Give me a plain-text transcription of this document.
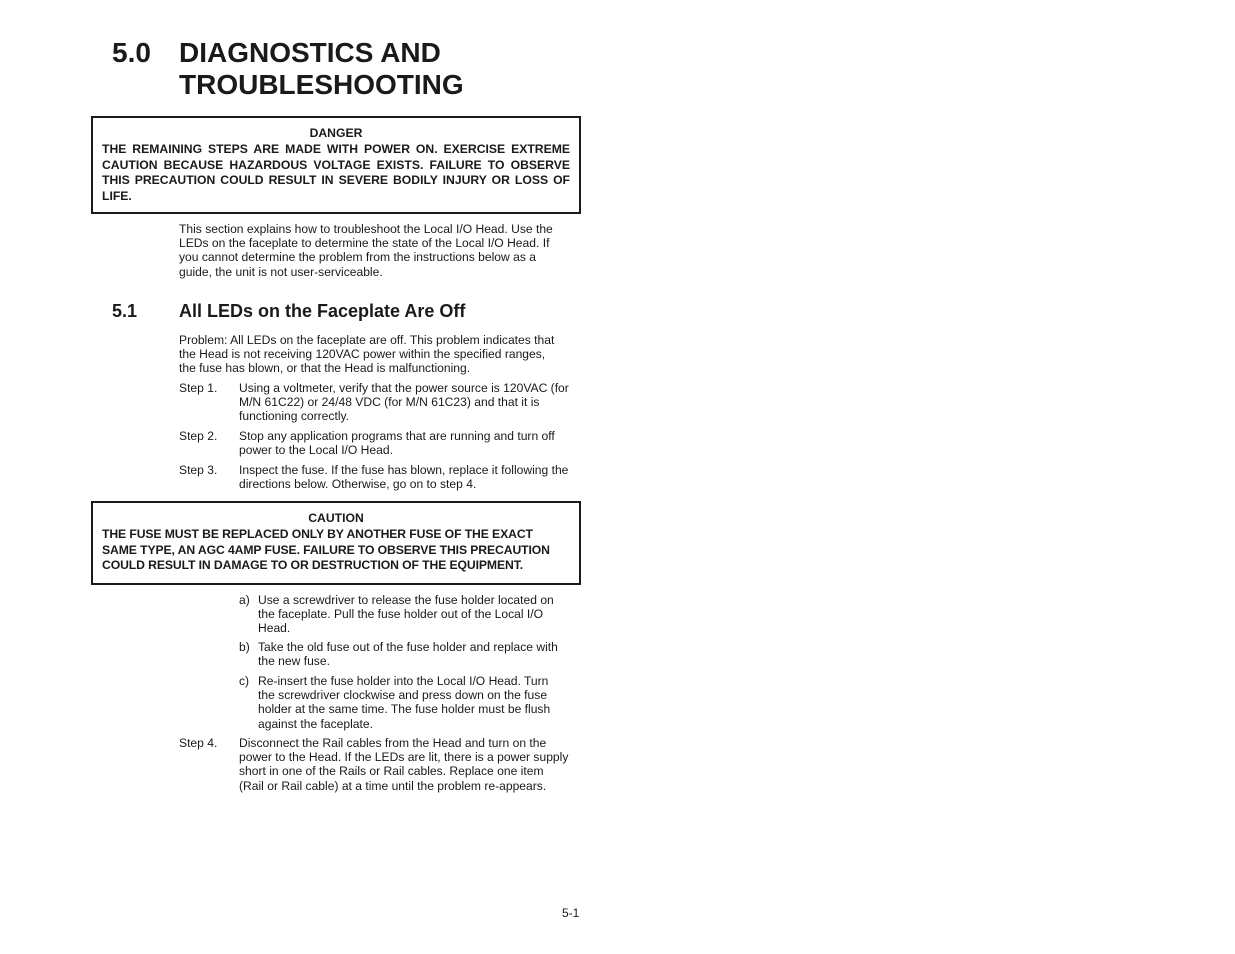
5.0 DIAGNOSTICS AND TROUBLESHOOTING
DANGER
THE REMAINING STEPS ARE MADE WITH POWER ON. EXERCISE EXTREME CAUTION BECAUSE HAZARDOUS VOLTAGE EXISTS. FAILURE TO OBSERVE THIS PRECAUTION COULD RESULT IN SEVERE BODILY INJURY OR LOSS OF LIFE.
This section explains how to troubleshoot the Local I/O Head. Use the LEDs on the faceplate to determine the state of the Local I/O Head. If you cannot determine the problem from the instructions below as a guide, the unit is not user-serviceable.
5.1 All LEDs on the Faceplate Are Off
Problem: All LEDs on the faceplate are off. This problem indicates that the Head is not receiving 120VAC power within the specified ranges, the fuse has blown, or that the Head is malfunctioning.
Step 1.	Using a voltmeter, verify that the power source is 120VAC (for M/N 61C22) or 24/48 VDC (for M/N 61C23) and that it is functioning correctly.
Step 2.	Stop any application programs that are running and turn off power to the Local I/O Head.
Step 3.	Inspect the fuse. If the fuse has blown, replace it following the directions below. Otherwise, go on to step 4.
CAUTION
THE FUSE MUST BE REPLACED ONLY BY ANOTHER FUSE OF THE EXACT SAME TYPE, AN AGC 4AMP FUSE. FAILURE TO OBSERVE THIS PRECAUTION COULD RESULT IN DAMAGE TO OR DESTRUCTION OF THE EQUIPMENT.
a) Use a screwdriver to release the fuse holder located on the faceplate. Pull the fuse holder out of the Local I/O Head.
b) Take the old fuse out of the fuse holder and replace with the new fuse.
c) Re-insert the fuse holder into the Local I/O Head. Turn the screwdriver clockwise and press down on the fuse holder at the same time. The fuse holder must be flush against the faceplate.
Step 4.	Disconnect the Rail cables from the Head and turn on the power to the Head. If the LEDs are lit, there is a power supply short in one of the Rails or Rail cables. Replace one item (Rail or Rail cable) at a time until the problem re-appears.
5-1
